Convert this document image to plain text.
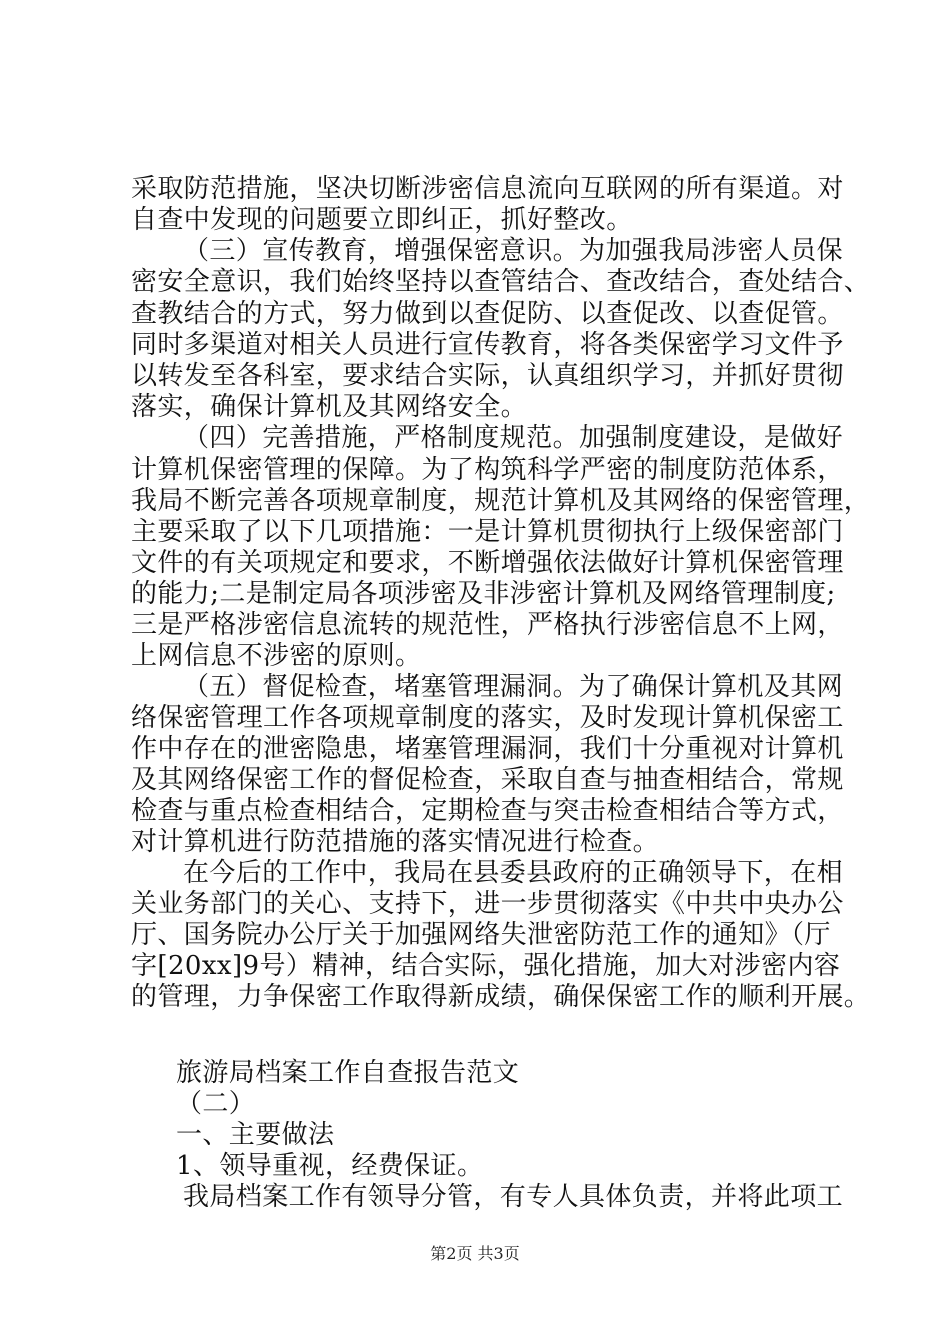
采取防范措施，坚决切断涉密信息流向互联网的所有渠道。对
自查中发现的问题要立即纠正，抓好整改。
（三）宣传教育，增强保密意识。为加强我局涉密人员保
密安全意识，我们始终坚持以查管结合、查改结合，查处结合、
查教结合的方式，努力做到以查促防、以查促改、以查促管。
同时多渠道对相关人员进行宣传教育，将各类保密学习文件予
以转发至各科室，要求结合实际，认真组织学习，并抓好贯彻
落实，确保计算机及其网络安全。
（四）完善措施，严格制度规范。加强制度建设，是做好
计算机保密管理的保障。为了构筑科学严密的制度防范体系，
我局不断完善各项规章制度，规范计算机及其网络的保密管理，
主要采取了以下几项措施：一是计算机贯彻执行上级保密部门
文件的有关项规定和要求，不断增强依法做好计算机保密管理
的能力;二是制定局各项涉密及非涉密计算机及网络管理制度;
三是严格涉密信息流转的规范性，严格执行涉密信息不上网，
上网信息不涉密的原则。
（五）督促检查，堵塞管理漏洞。为了确保计算机及其网
络保密管理工作各项规章制度的落实，及时发现计算机保密工
作中存在的泄密隐患，堵塞管理漏洞，我们十分重视对计算机
及其网络保密工作的督促检查，采取自查与抽查相结合，常规
检查与重点检查相结合，定期检查与突击检查相结合等方式，
对计算机进行防范措施的落实情况进行检查。
在今后的工作中，我局在县委县政府的正确领导下，在相
关业务部门的关心、支持下，进一步贯彻落实《中共中央办公
厅、国务院办公厅关于加强网络失泄密防范工作的通知》（厅
字[20xx]9号）精神，结合实际，强化措施，加大对涉密内容
的管理，力争保密工作取得新成绩，确保保密工作的顺利开展。
旅游局档案工作自查报告范文
（二）
一、主要做法
1、领导重视，经费保证。
我局档案工作有领导分管，有专人具体负责，并将此项工
第2页 共3页
